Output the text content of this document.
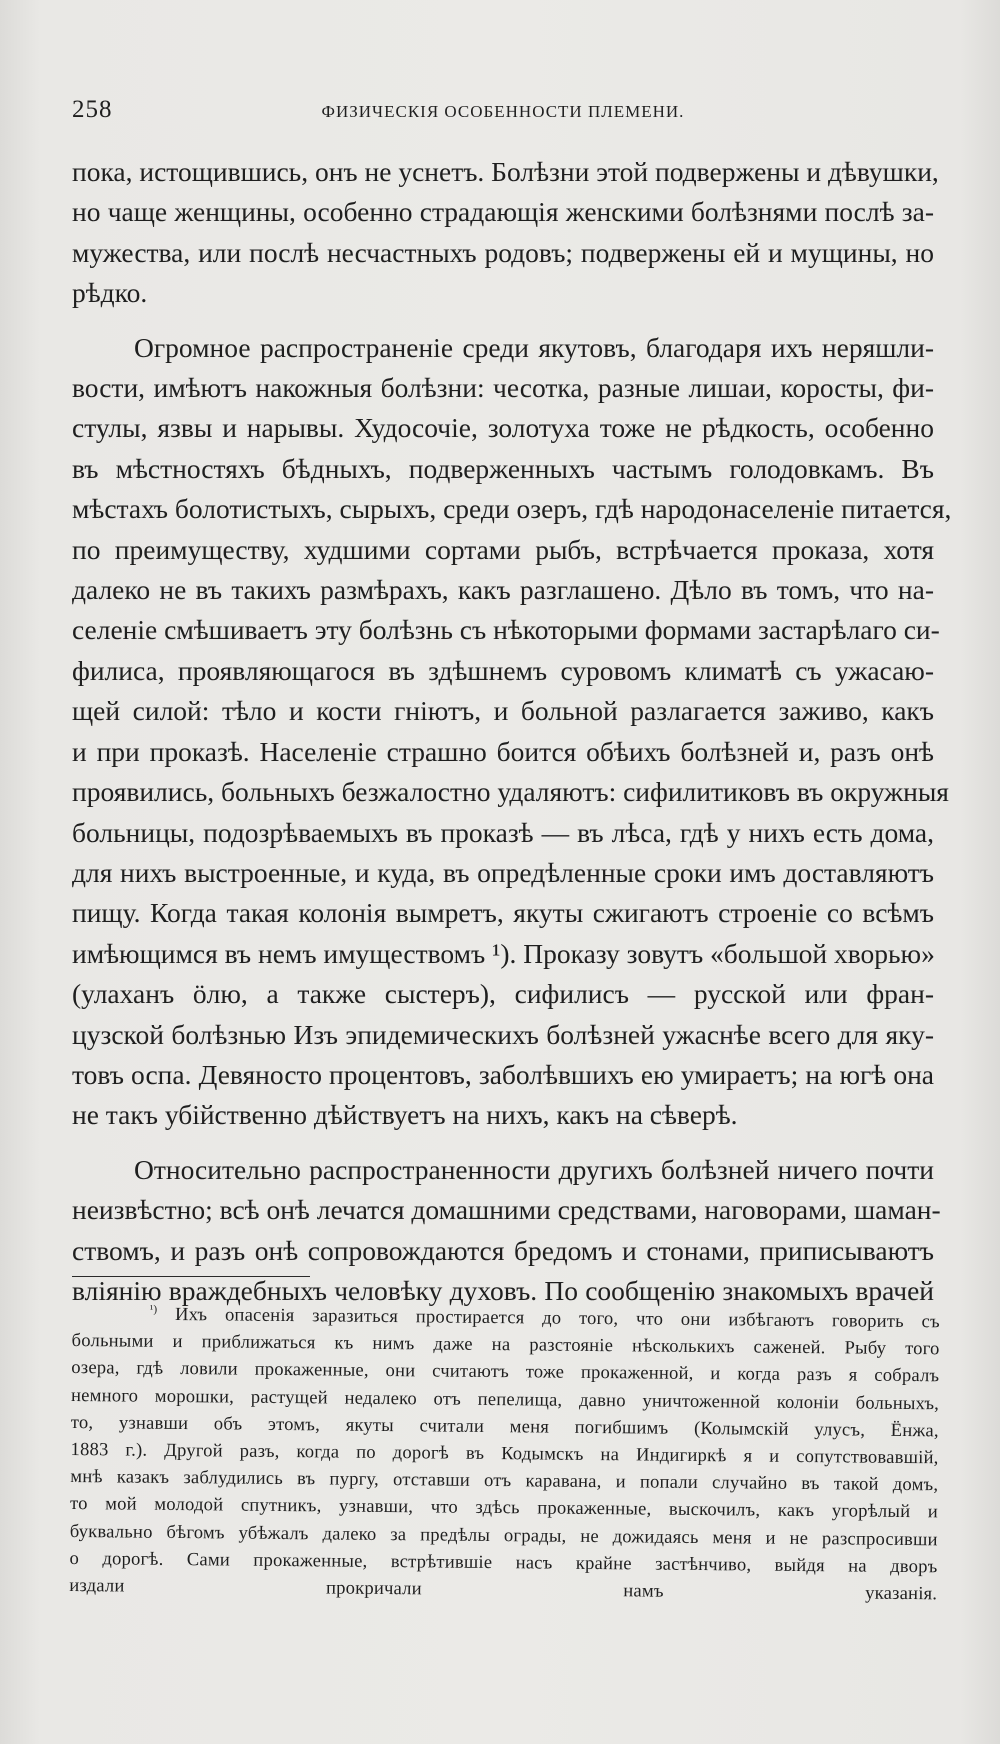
258	ФИЗИЧЕСКІЯ ОСОБЕННОСТИ ПЛЕМЕНИ.

пока, истощившись, онъ не уснетъ. Болѣзни этой подвержены и дѣвушки,
но чаще женщины, особенно страдающія женскими болѣзнями послѣ за-
мужества, или послѣ несчастныхъ родовъ; подвержены ей и мущины, но
рѣдко.

Огромное распространеніе среди якутовъ, благодаря ихъ неряшли-
вости, имѣютъ накожныя болѣзни: чесотка, разные лишаи, коросты, фи-
стулы, язвы и нарывы. Худосочіе, золотуха тоже не рѣдкость, особенно
въ мѣстностяхъ бѣдныхъ, подверженныхъ частымъ голодовкамъ. Въ
мѣстахъ болотистыхъ, сырыхъ, среди озеръ, гдѣ народонаселеніе питается,
по преимуществу, худшими сортами рыбъ, встрѣчается проказа, хотя
далеко не въ такихъ размѣрахъ, какъ разглашено. Дѣло въ томъ, что на-
селеніе смѣшиваетъ эту болѣзнь съ нѣкоторыми формами застарѣлаго си-
филиса, проявляющагося въ здѣшнемъ суровомъ климатѣ съ ужасаю-
щей силой: тѣло и кости гніютъ, и больной разлагается заживо, какъ
и при проказѣ. Населеніе страшно боится обѣихъ болѣзней и, разъ онѣ
проявились, больныхъ безжалостно удаляютъ: сифилитиковъ въ окружныя
больницы, подозрѣваемыхъ въ проказѣ — въ лѣса, гдѣ у нихъ есть дома,
для нихъ выстроенные, и куда, въ опредѣленные сроки имъ доставляютъ
пищу. Когда такая колонія вымретъ, якуты сжигаютъ строеніе со всѣмъ
имѣющимся въ немъ имуществомъ ¹). Проказу зовутъ «большой хворью»
(улаханъ ӧлю, а также сыстеръ), сифилисъ — русской или фран-
цузской болѣзнью Изъ эпидемическихъ болѣзней ужаснѣе всего для яку-
товъ оспа. Девяносто процентовъ, заболѣвшихъ ею умираетъ; на югѣ она
не такъ убійственно дѣйствуетъ на нихъ, какъ на сѣверѣ.

Относительно распространенности другихъ болѣзней ничего почти
неизвѣстно; всѣ онѣ лечатся домашними средствами, наговорами, шаман-
ствомъ, и разъ онѣ сопровождаются бредомъ и стонами, приписываютъ
вліянію враждебныхъ человѣку духовъ. По сообщенію знакомыхъ врачей

$^{^1)}$ Ихъ опасенія заразиться простирается до того, что они избѣгаютъ говорить съ
больными и приближаться къ нимъ даже на разстояніе нѣсколькихъ саженей. Рыбу того
озера, гдѣ ловили прокаженные, они считаютъ тоже прокаженной, и когда разъ я собралъ
немного морошки, растущей недалеко отъ пепелища, давно уничтоженной колоніи больныхъ,
то, узнавши объ этомъ, якуты считали меня погибшимъ (Колымскій улусъ, Ёнжа,
1883 г.). Другой разъ, когда по дорогѣ въ Кодымскъ на Индигиркѣ я и сопутствовавшій,
мнѣ казакъ заблудились въ пургу, отставши отъ каравана, и попали случайно въ такой домъ,
то мой молодой спутникъ, узнавши, что здѣсь прокаженные, выскочилъ, какъ угорѣлый и
буквально бѣгомъ убѣжалъ далеко за предѣлы ограды, не дожидаясь меня и не разспросивши
о дорогѣ. Сами прокаженные, встрѣтившіе насъ крайне застѣнчиво, выйдя на дворъ
издали прокричали намъ указанія.
